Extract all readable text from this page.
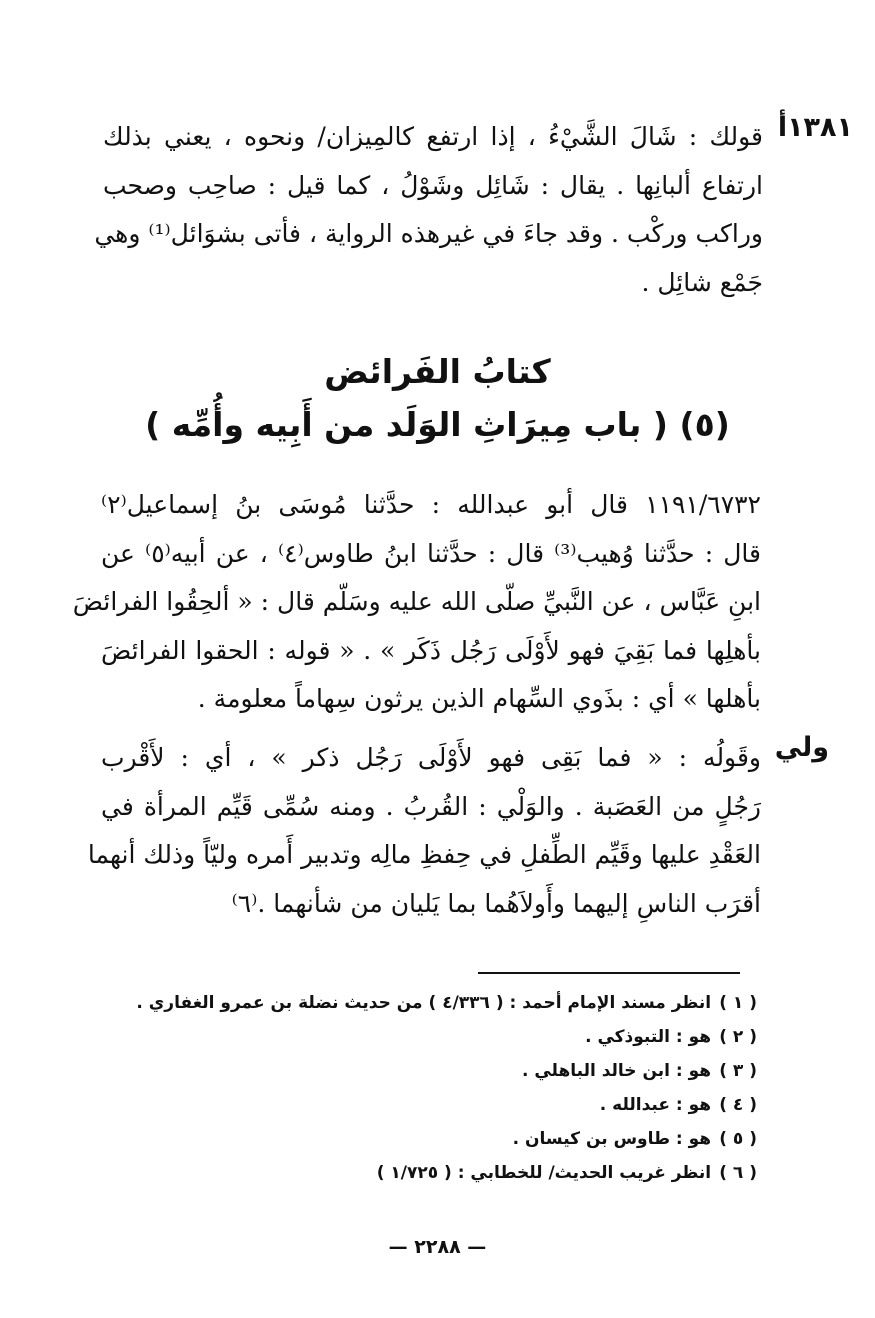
١٣٨١أ
ولي
قولك : شَالَ الشَّيْءُ ، إذا ارتفع كالمِيزان/ ونحوه ، يعني بذلك
ارتفاع ألبانِها . يقال : شَائِل وشَوْلُ ، كما قيل : صاحِب وصحب
وراكب وركْب . وقد جاءَ في غيرهذه الرواية ، فأتى بشوَائل⁽¹⁾ وهي
جَمْع شائِل .
كتابُ الفَرائض
(٥) ( باب مِيرَاثِ الوَلَد من أَبِيه وأُمِّه )
١١٩١/٦٧٣٢ قال أبو عبدالله : حدَّثنا مُوسَى بنُ إسماعيل⁽٢⁾
قال : حدَّثنا وُهيب⁽³⁾ قال : حدَّثنا ابنُ طاوس⁽٤⁾ ، عن أبيه⁽٥⁾ عن
ابنِ عَبَّاس ، عن النَّبيِّ صلّى الله عليه وسَلّم قال : « ألحِقُوا الفرائضَ
بأهلِها فما بَقِيَ فهو لأَوْلَى رَجُل ذَكَر » . « قوله : الحقوا الفرائضَ
بأهلها » أي : بذَوي السِّهام الذين يرثون سِهاماً معلومة .
وقَولُه : « فما بَقِى فهو لأَوْلَى رَجُل ذكر » ، أي : لأَقْرب
رَجُلٍ من العَصَبة . والوَلْي : القُربُ . ومنه سُمِّى قَيِّم المرأة في
العَقْدِ عليها وقَيِّم الطِّفلِ في حِفظِ مالِه وتدبير أَمره وليّاً وذلك أنهما
أقرَب الناسِ إليهما وأَولاَهُما بما يَليان من شأنهما .⁽٦⁾
( ١ ) انظر مسند الإمام أحمد : ( ٤/٣٣٦ ) من حديث نضلة بن عمرو الغفاري .
( ٢ ) هو : التبوذكي .
( ٣ ) هو : ابن خالد الباهلي .
( ٤ ) هو : عبدالله .
( ٥ ) هو : طاوس بن كيسان .
( ٦ ) انظر غريب الحديث/ للخطابي : ( ١/٧٢٥ )
— ٢٢٨٨ —
